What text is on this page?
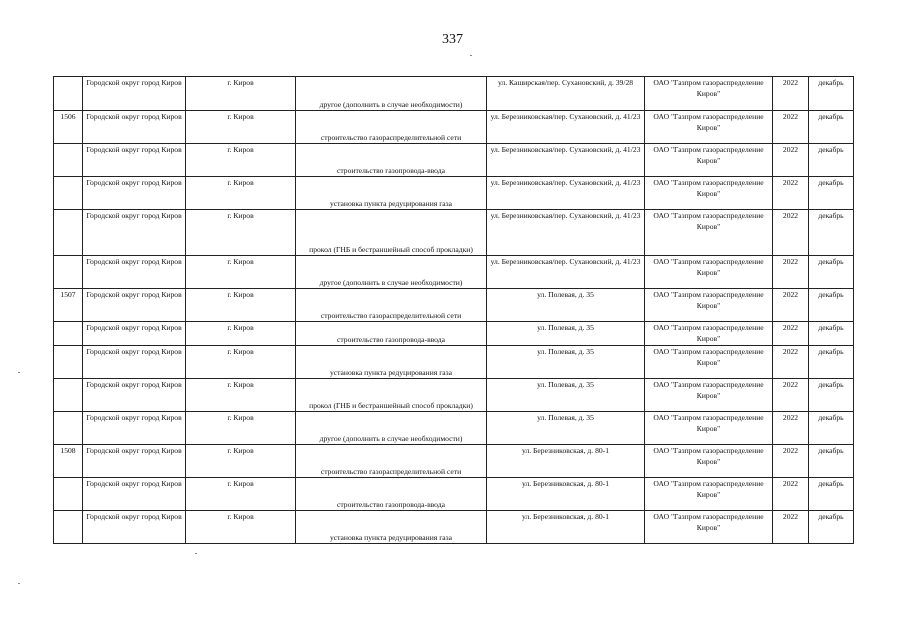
337
	Городской округ город Киров	г. Киров	другое (дополнить в случае необходимости)	ул. Каширская/пер. Сухановский, д. 39/28	ОАО "Газпром газораспределение Киров"	2022	декабрь
1506	Городской округ город Киров	г. Киров	строительство газораспределительной сети	ул. Березниковская/пер. Сухановский, д. 41/23	ОАО "Газпром газораспределение Киров"	2022	декабрь
	Городской округ город Киров	г. Киров	строительство газопровода-ввода	ул. Березниковская/пер. Сухановский, д. 41/23	ОАО "Газпром газораспределение Киров"	2022	декабрь
	Городской округ город Киров	г. Киров	установка пункта редуцирования газа	ул. Березниковская/пер. Сухановский, д. 41/23	ОАО "Газпром газораспределение Киров"	2022	декабрь
	Городской округ город Киров	г. Киров	прокол (ГНБ и бестраншейный способ прокладки)	ул. Березниковская/пер. Сухановский, д. 41/23	ОАО "Газпром газораспределение Киров"	2022	декабрь
	Городской округ город Киров	г. Киров	другое (дополнить в случае необходимости)	ул. Березниковская/пер. Сухановский, д. 41/23	ОАО "Газпром газораспределение Киров"	2022	декабрь
1507	Городской округ город Киров	г. Киров	строительство газораспределительной сети	ул. Полевая, д. 35	ОАО "Газпром газораспределение Киров"	2022	декабрь
	Городской округ город Киров	г. Киров	строительство газопровода-ввода	ул. Полевая, д. 35	ОАО "Газпром газораспределение Киров"	2022	декабрь
	Городской округ город Киров	г. Киров	установка пункта редуцирования газа	ул. Полевая, д. 35	ОАО "Газпром газораспределение Киров"	2022	декабрь
	Городской округ город Киров	г. Киров	прокол (ГНБ и бестраншейный способ прокладки)	ул. Полевая, д. 35	ОАО "Газпром газораспределение Киров"	2022	декабрь
	Городской округ город Киров	г. Киров	другое (дополнить в случае необходимости)	ул. Полевая, д. 35	ОАО "Газпром газораспределение Киров"	2022	декабрь
1508	Городской округ город Киров	г. Киров	строительство газораспределительной сети	ул. Березниковская, д. 80-1	ОАО "Газпром газораспределение Киров"	2022	декабрь
	Городской округ город Киров	г. Киров	строительство газопровода-ввода	ул. Березниковская, д. 80-1	ОАО "Газпром газораспределение Киров"	2022	декабрь
	Городской округ город Киров	г. Киров	установка пункта редуцирования газа	ул. Березниковская, д. 80-1	ОАО "Газпром газораспределение Киров"	2022	декабрь
